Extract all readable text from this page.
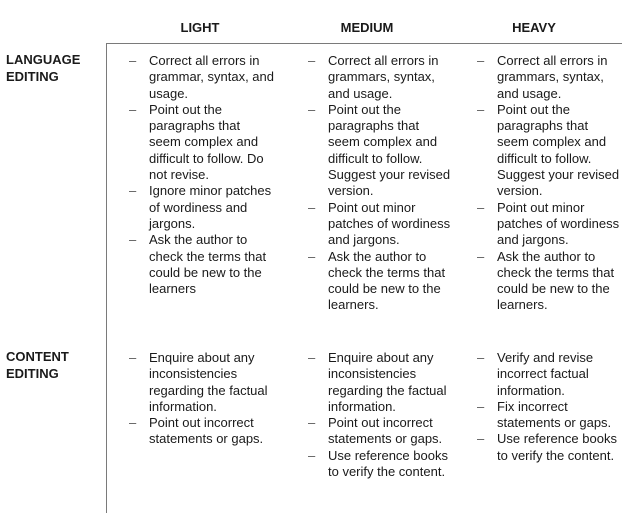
LIGHT	MEDIUM	HEAVY
LANGUAGE EDITING
CONTENT EDITING
– Correct all errors in grammar, syntax, and usage.
– Point out the paragraphs that seem complex and difficult to follow. Do not revise.
– Ignore minor patches of wordiness and jargons.
– Ask the author to check the terms that could be new to the learners
– Correct all errors in grammars, syntax, and usage.
– Point out the paragraphs that seem complex and difficult to follow. Suggest your revised version.
– Point out minor patches of wordiness and jargons.
– Ask the author to check the terms that could be new to the learners.
– Correct all errors in grammars, syntax, and usage.
– Point out the paragraphs that seem complex and difficult to follow. Suggest your revised version.
– Point out minor patches of wordiness and jargons.
– Ask the author to check the terms that could be new to the learners.
– Enquire about any inconsistencies regarding the factual information.
– Point out incorrect statements or gaps.
– Enquire about any inconsistencies regarding the factual information.
– Point out incorrect statements or gaps.
– Use reference books to verify the content.
– Verify and revise incorrect factual information.
– Fix incorrect statements or gaps.
– Use reference books to verify the content.
